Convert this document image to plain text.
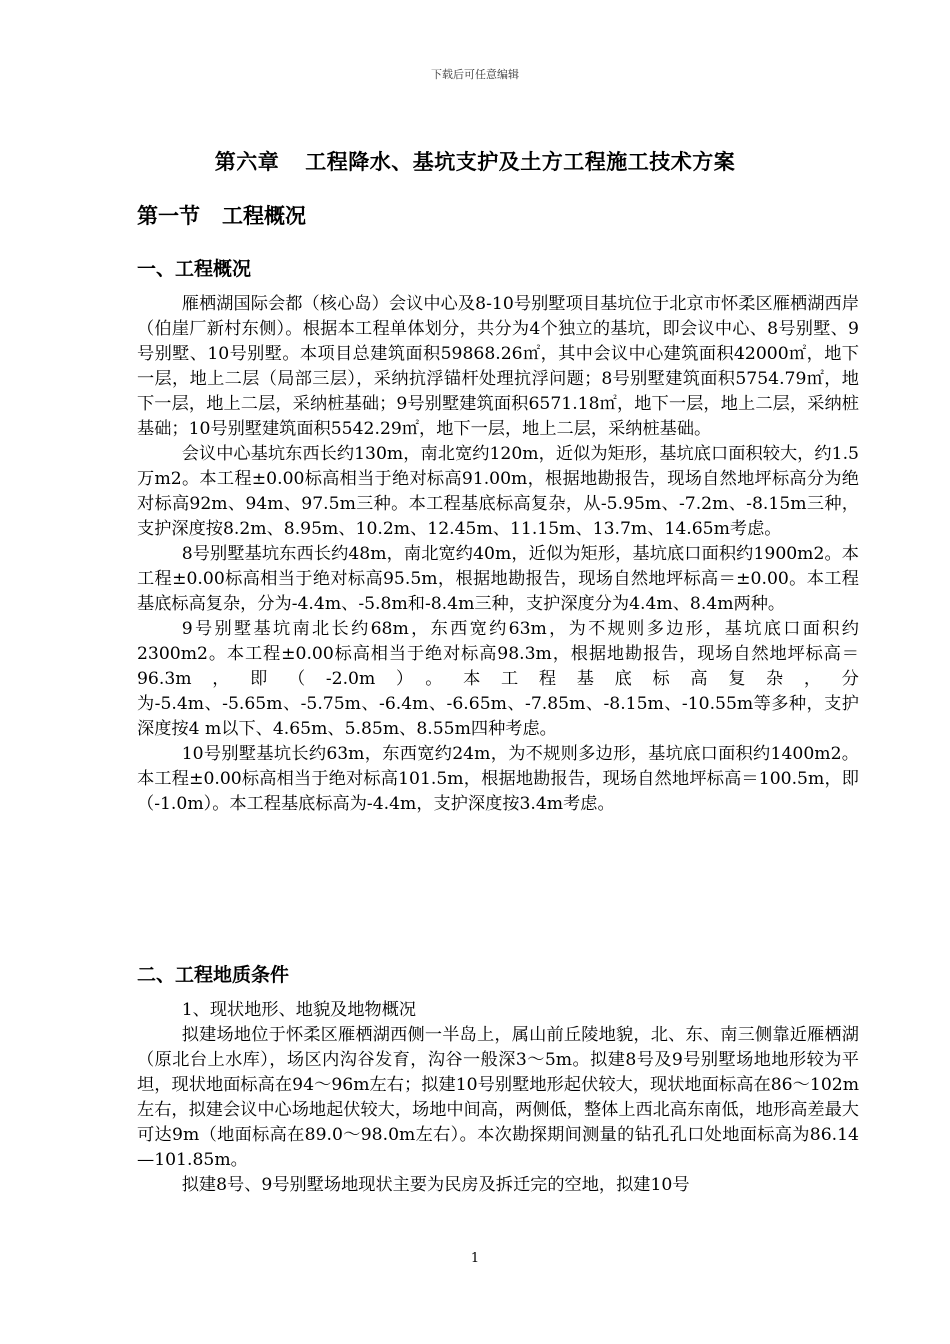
下载后可任意编辑
第六章 工程降水、基坑支护及土方工程施工技术方案
第一节 工程概况
一、工程概况

雁栖湖国际会都（核心岛）会议中心及8-10号别墅项目基坑位于北京市怀柔区雁栖湖西岸（伯崖厂新村东侧）。根据本工程单体划分，共分为4个独立的基坑，即会议中心、8号别墅、9号别墅、10号别墅。本项目总建筑面积59868.26㎡，其中会议中心建筑面积42000㎡，地下一层，地上二层（局部三层），采纳抗浮锚杆处理抗浮问题；8号别墅建筑面积5754.79㎡，地下一层，地上二层，采纳桩基础；9号别墅建筑面积6571.18㎡，地下一层，地上二层，采纳桩基础；10号别墅建筑面积5542.29㎡，地下一层，地上二层，采纳桩基础。

会议中心基坑东西长约130m，南北宽约120m，近似为矩形，基坑底口面积较大，约1.5万m2。本工程±0.00标高相当于绝对标高91.00m，根据地勘报告，现场自然地坪标高分为绝对标高92m、94m、97.5m三种。本工程基底标高复杂，从-5.95m、-7.2m、-8.15m三种，支护深度按8.2m、8.95m、10.2m、12.45m、11.15m、13.7m、14.65m考虑。

8号别墅基坑东西长约48m，南北宽约40m，近似为矩形，基坑底口面积约1900m2。本工程±0.00标高相当于绝对标高95.5m，根据地勘报告，现场自然地坪标高＝±0.00。本工程基底标高复杂，分为-4.4m、-5.8m和-8.4m三种，支护深度分为4.4m、8.4m两种。

9号别墅基坑南北长约68m，东西宽约63m，为不规则多边形，基坑底口面积约2300m2。本工程±0.00标高相当于绝对标高98.3m，根据地勘报告，现场自然地坪标高＝96.3m，即（-2.0m）。本工程基底标高复杂，分为-5.4m、-5.65m、-5.75m、-6.4m、-6.65m、-7.85m、-8.15m、-10.55m等多种，支护深度按4 m以下、4.65m、5.85m、8.55m四种考虑。

10号别墅基坑长约63m，东西宽约24m，为不规则多边形，基坑底口面积约1400m2。本工程±0.00标高相当于绝对标高101.5m，根据地勘报告，现场自然地坪标高＝100.5m，即（-1.0m）。本工程基底标高为-4.4m，支护深度按3.4m考虑。

二、工程地质条件

1、现状地形、地貌及地物概况

拟建场地位于怀柔区雁栖湖西侧一半岛上，属山前丘陵地貌，北、东、南三侧靠近雁栖湖（原北台上水库），场区内沟谷发育，沟谷一般深3～5m。拟建8号及9号别墅场地地形较为平坦，现状地面标高在94～96m左右；拟建10号别墅地形起伏较大，现状地面标高在86～102m左右，拟建会议中心场地起伏较大，场地中间高，两侧低，整体上西北高东南低，地形高差最大可达9m（地面标高在89.0～98.0m左右）。本次勘探期间测量的钻孔孔口处地面标高为86.14—101.85m。

拟建8号、9号别墅场地现状主要为民房及拆迁完的空地，拟建10号

1
